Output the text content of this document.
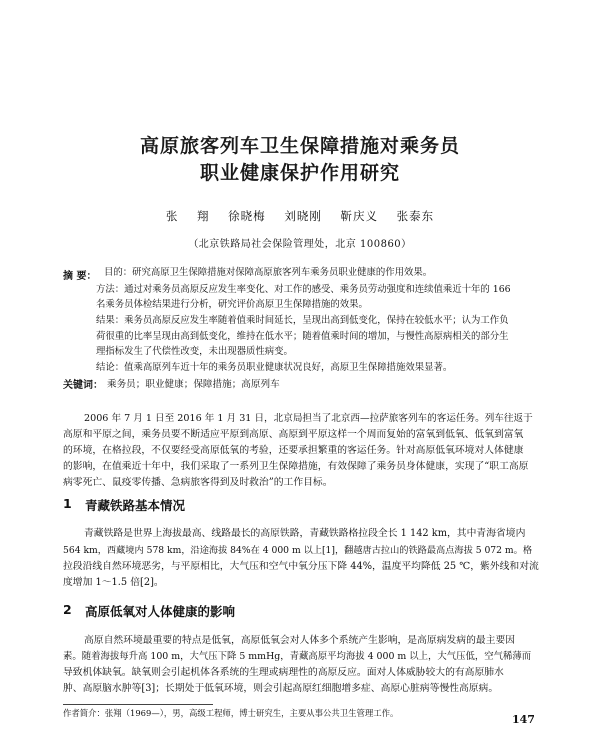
高原旅客列车卫生保障措施对乘务员
职业健康保护作用研究
张 翔 徐晓梅 刘晓刚 靳庆义 张泰东
（北京铁路局社会保险管理处，北京 100860）
摘 要： 目的：研究高原卫生保障措施对保障高原旅客列车乘务员职业健康的作用效果。
方法：通过对乘务员高原反应发生率变化、对工作的感受、乘务员劳动强度和连续值乘近十年的 166
名乘务员体检结果进行分析，研究评价高原卫生保障措施的效果。
结果：乘务员高原反应发生率随着值乘时间延长，呈现出高到低变化，保持在较低水平；认为工作负
荷很重的比率呈现由高到低变化，维持在低水平；随着值乘时间的增加，与慢性高原病相关的部分生
理指标发生了代偿性改变，未出现器质性病变。
结论：值乘高原列车近十年的乘务员职业健康状况良好，高原卫生保障措施效果显著。
关键词： 乘务员；职业健康；保障措施；高原列车
2006 年 7 月 1 日至 2016 年 1 月 31 日，北京局担当了北京西—拉萨旅客列车的客运任务。列车往返于
高原和平原之间，乘务员要不断适应平原到高原、高原到平原这样一个周而复始的富氧到低氧、低氧到富氧
的环境，在格拉段，不仅要经受高原低氧的考验，还要承担繁重的客运任务。针对高原低氧环境对人体健康
的影响，在值乘近十年中，我们采取了一系列卫生保障措施，有效保障了乘务员身体健康，实现了“职工高原
病零死亡、鼠疫零传播、急病旅客得到及时救治”的工作目标。
1 青藏铁路基本情况
青藏铁路是世界上海拔最高、线路最长的高原铁路，青藏铁路格拉段全长 1 142 km，其中青海省境内
564 km，西藏境内 578 km，沿途海拔 84%在 4 000 m 以上[1]，翻越唐古拉山的铁路最高点海拔 5 072 m。格
拉段沿线自然环境恶劣，与平原相比，大气压和空气中氧分压下降 44%，温度平均降低 25 ℃，紫外线和对流
度增加 1～1.5 倍[2]。
2 高原低氧对人体健康的影响
高原自然环境最重要的特点是低氧，高原低氧会对人体多个系统产生影响，是高原病发病的最主要因
素。随着海拔每升高 100 m，大气压下降 5 mmHg，青藏高原平均海拔 4 000 m 以上，大气压低，空气稀薄而
导致机体缺氧。缺氧则会引起机体各系统的生理或病理性的高原反应。面对人体威胁较大的有高原肺水
肿、高原脑水肿等[3]；长期处于低氧环境，则会引起高原红细胞增多症、高原心脏病等慢性高原病。
作者简介：张翔（1969—），男，高级工程师，博士研究生，主要从事公共卫生管理工作。	147
